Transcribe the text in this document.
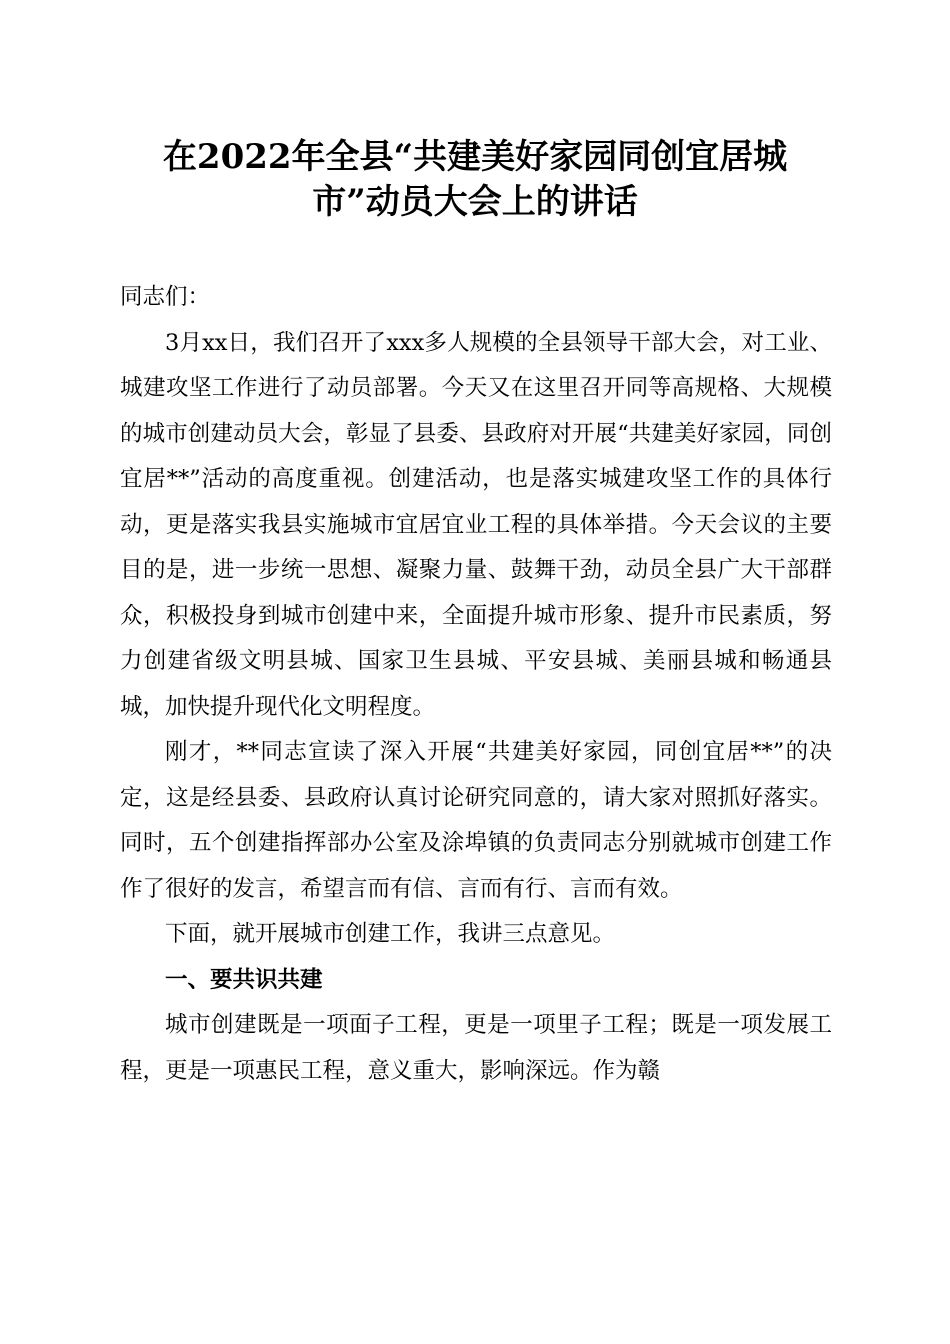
在2022年全县“共建美好家园同创宜居城
市”动员大会上的讲话

同志们：

3月xx日，我们召开了xxx多人规模的全县领导干部大会，对工业、城建攻坚工作进行了动员部署。今天又在这里召开同等高规格、大规模的城市创建动员大会，彰显了县委、县政府对开展“共建美好家园，同创宜居**”活动的高度重视。创建活动，也是落实城建攻坚工作的具体行动，更是落实我县实施城市宜居宜业工程的具体举措。今天会议的主要目的是，进一步统一思想、凝聚力量、鼓舞干劲，动员全县广大干部群众，积极投身到城市创建中来，全面提升城市形象、提升市民素质，努力创建省级文明县城、国家卫生县城、平安县城、美丽县城和畅通县城，加快提升现代化文明程度。

刚才，**同志宣读了深入开展“共建美好家园，同创宜居**”的决定，这是经县委、县政府认真讨论研究同意的，请大家对照抓好落实。同时，五个创建指挥部办公室及涂埠镇的负责同志分别就城市创建工作作了很好的发言，希望言而有信、言而有行、言而有效。

下面，就开展城市创建工作，我讲三点意见。

一、要共识共建

城市创建既是一项面子工程，更是一项里子工程；既是一项发展工程，更是一项惠民工程，意义重大，影响深远。作为赣
